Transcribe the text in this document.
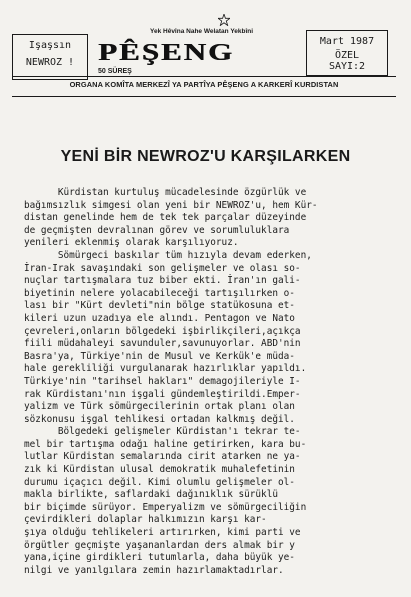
Işaşsın
NEWROZ !
Yek Hêvîna Nahe Welatan Yekbîni
PÊŞENG
50 SÜREŞ
Mart 1987
ÖZEL
SAYI:2
ORGANA KOMÎTA MERKEZÎ YA PARTÎYA PÊŞENG A KARKERÎ KURDISTAN
YENİ BİR NEWROZ'U KARŞILARKEN
Kürdistan kurtuluş mücadelesinde özgürlük ve
bağımsızlık simgesi olan yeni bir NEWROZ'u, hem Kür-
distan genelinde hem de tek tek parçalar düzeyinde
de geçmişten devralınan görev ve sorumluluklara
yenileri eklenmiş olarak karşılıyoruz.
Sömürgeci baskılar tüm hızıyla devam ederken,
İran-Irak savaşındaki son gelişmeler ve olası so-
nuçlar tartışmalara tuz biber ekti. İran'ın gali-
biyetinin nelere yolacabileceği tartışılırken o-
lası bir "Kürt devleti"nin bölge statükosuna et-
kileri uzun uzadıya ele alındı. Pentagon ve Nato
çevreleri,onların bölgedeki işbirlikçileri,açıkça
fiili müdahaleyi savunduler,savunuyorlar. ABD'nin
Basra'ya, Türkiye'nin de Musul ve Kerkük'e müda-
hale gerekliliği vurgulanarak hazırlıklar yapıldı.
Türkiye'nin "tarihsel hakları" demagojileriyle I-
rak Kürdistanı'nın işgali gündemleştirildi.Emper-
yalizm ve Türk sömürgecilerinin ortak planı olan
sözkonusu işgal tehlikesi ortadan kalkmış değil.
Bölgedeki gelişmeler Kürdistan'ı tekrar te-
mel bir tartışma odağı haline getirirken, kara bu-
lutlar Kürdistan semalarında cirit atarken ne ya-
zık ki Kürdistan ulusal demokratik muhalefetinin
durumu içaçıcı değil. Kimi olumlu gelişmeler ol-
makla birlikte, saflardaki dağınıklık sürüklü
bir biçimde sürüyor. Emperyalizm ve sömürgeciliğin
çevirdikleri dolaplar halkımızın karşı kar-
şıya olduğu tehlikeleri artırırken, kimi parti ve
örgütler geçmişte yaşananlardan ders almak bir y
yana,içine girdikleri tutumlarla, daha büyük ye-
nilgi ve yanılgılara zemin hazırlamaktadırlar.
